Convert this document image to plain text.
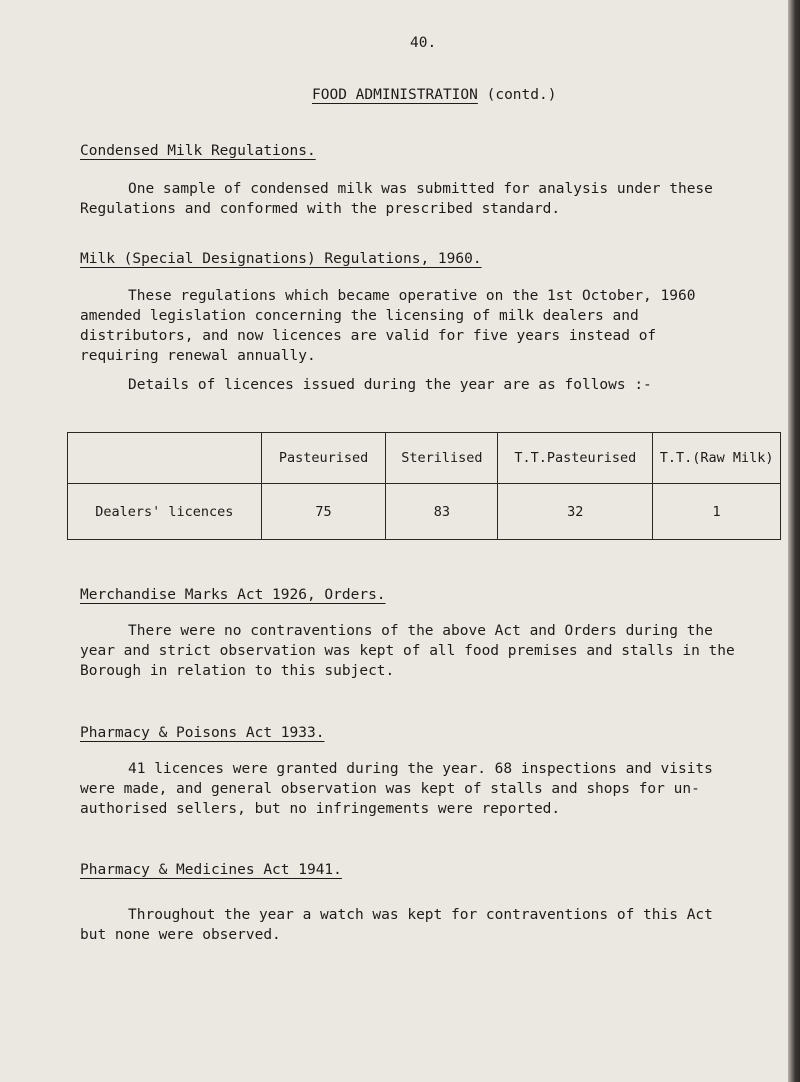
40.
FOOD ADMINISTRATION (contd.)
Condensed Milk Regulations.
One sample of condensed milk was submitted for analysis under these
Regulations and conformed with the prescribed standard.
Milk (Special Designations) Regulations, 1960.
These regulations which became operative on the 1st October, 1960
amended legislation concerning the licensing of milk dealers and
distributors, and now licences are valid for five years instead of
requiring renewal annually.
Details of licences issued during the year are as follows :-
	Pasteurised	Sterilised	T.T.Pasteurised	T.T.(Raw Milk)
Dealers' licences	75	83	32	1
Merchandise Marks Act 1926, Orders.
There were no contraventions of the above Act and Orders during the
year and strict observation was kept of all food premises and stalls in the
Borough in relation to this subject.
Pharmacy & Poisons Act 1933.
41 licences were granted during the year. 68 inspections and visits
were made, and general observation was kept of stalls and shops for un-
authorised sellers, but no infringements were reported.
Pharmacy & Medicines Act 1941.
Throughout the year a watch was kept for contraventions of this Act
but none were observed.
